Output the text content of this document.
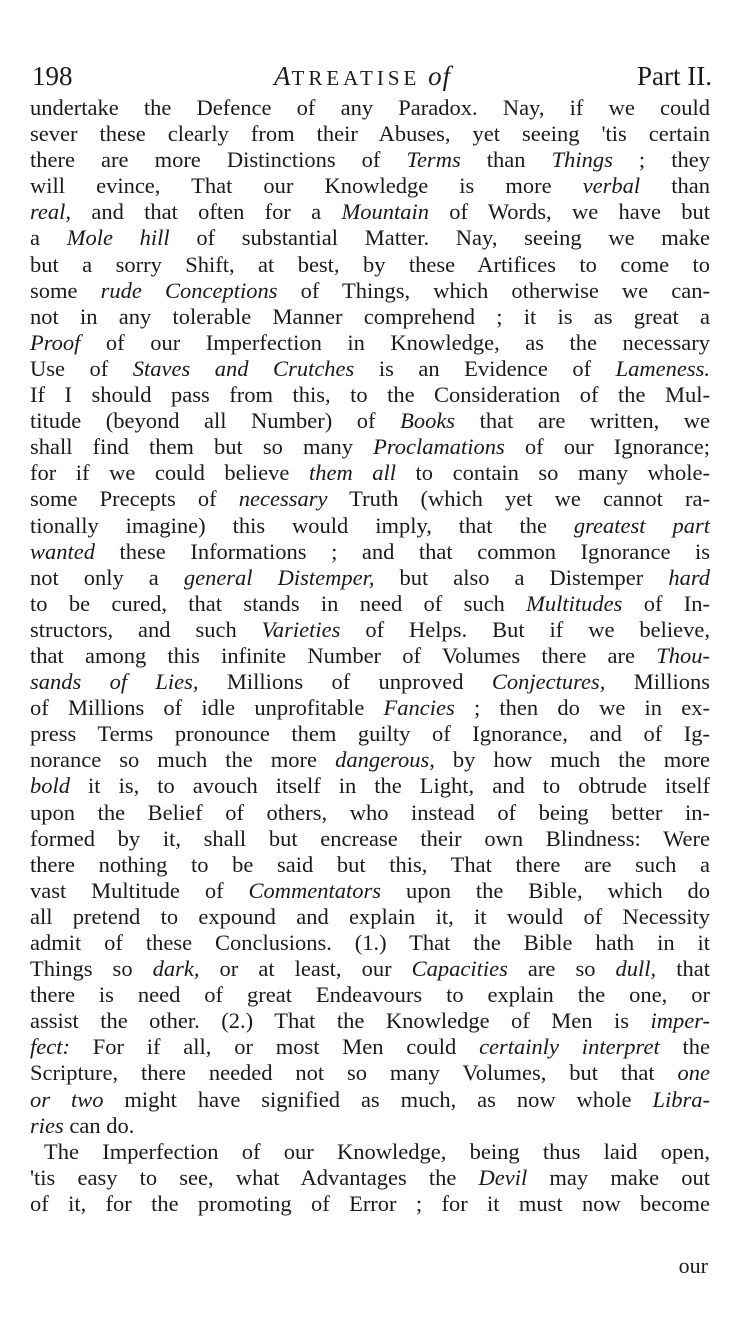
198	ATREATISE of	Part II.
undertake the Defence of any Paradox. Nay, if we could
sever these clearly from their Abuses, yet seeing 'tis certain
there are more Distinctions of Terms than Things ; they
will evince, That our Knowledge is more verbal than
real, and that often for a Mountain of Words, we have but
a Mole hill of substantial Matter. Nay, seeing we make
but a sorry Shift, at best, by these Artifices to come to
some rude Conceptions of Things, which otherwise we can-
not in any tolerable Manner comprehend ; it is as great a
Proof of our Imperfection in Knowledge, as the necessary
Use of Staves and Crutches is an Evidence of Lameness.
If I should pass from this, to the Consideration of the Mul-
titude (beyond all Number) of Books that are written, we
shall find them but so many Proclamations of our Ignorance;
for if we could believe them all to contain so many whole-
some Precepts of necessary Truth (which yet we cannot ra-
tionally imagine) this would imply, that the greatest part
wanted these Informations ; and that common Ignorance is
not only a general Distemper, but also a Distemper hard
to be cured, that stands in need of such Multitudes of In-
structors, and such Varieties of Helps. But if we believe,
that among this infinite Number of Volumes there are Thou-
sands of Lies, Millions of unproved Conjectures, Millions
of Millions of idle unprofitable Fancies ; then do we in ex-
press Terms pronounce them guilty of Ignorance, and of Ig-
norance so much the more dangerous, by how much the more
bold it is, to avouch itself in the Light, and to obtrude itself
upon the Belief of others, who instead of being better in-
formed by it, shall but encrease their own Blindness: Were
there nothing to be said but this, That there are such a
vast Multitude of Commentators upon the Bible, which do
all pretend to expound and explain it, it would of Necessity
admit of these Conclusions. (1.) That the Bible hath in it
Things so dark, or at least, our Capacities are so dull, that
there is need of great Endeavours to explain the one, or
assist the other. (2.) That the Knowledge of Men is imper-
fect: For if all, or most Men could certainly interpret the
Scripture, there needed not so many Volumes, but that one
or two might have signified as much, as now whole Libra-
ries can do.
The Imperfection of our Knowledge, being thus laid open,
'tis easy to see, what Advantages the Devil may make out
of it, for the promoting of Error ; for it must now become
our
